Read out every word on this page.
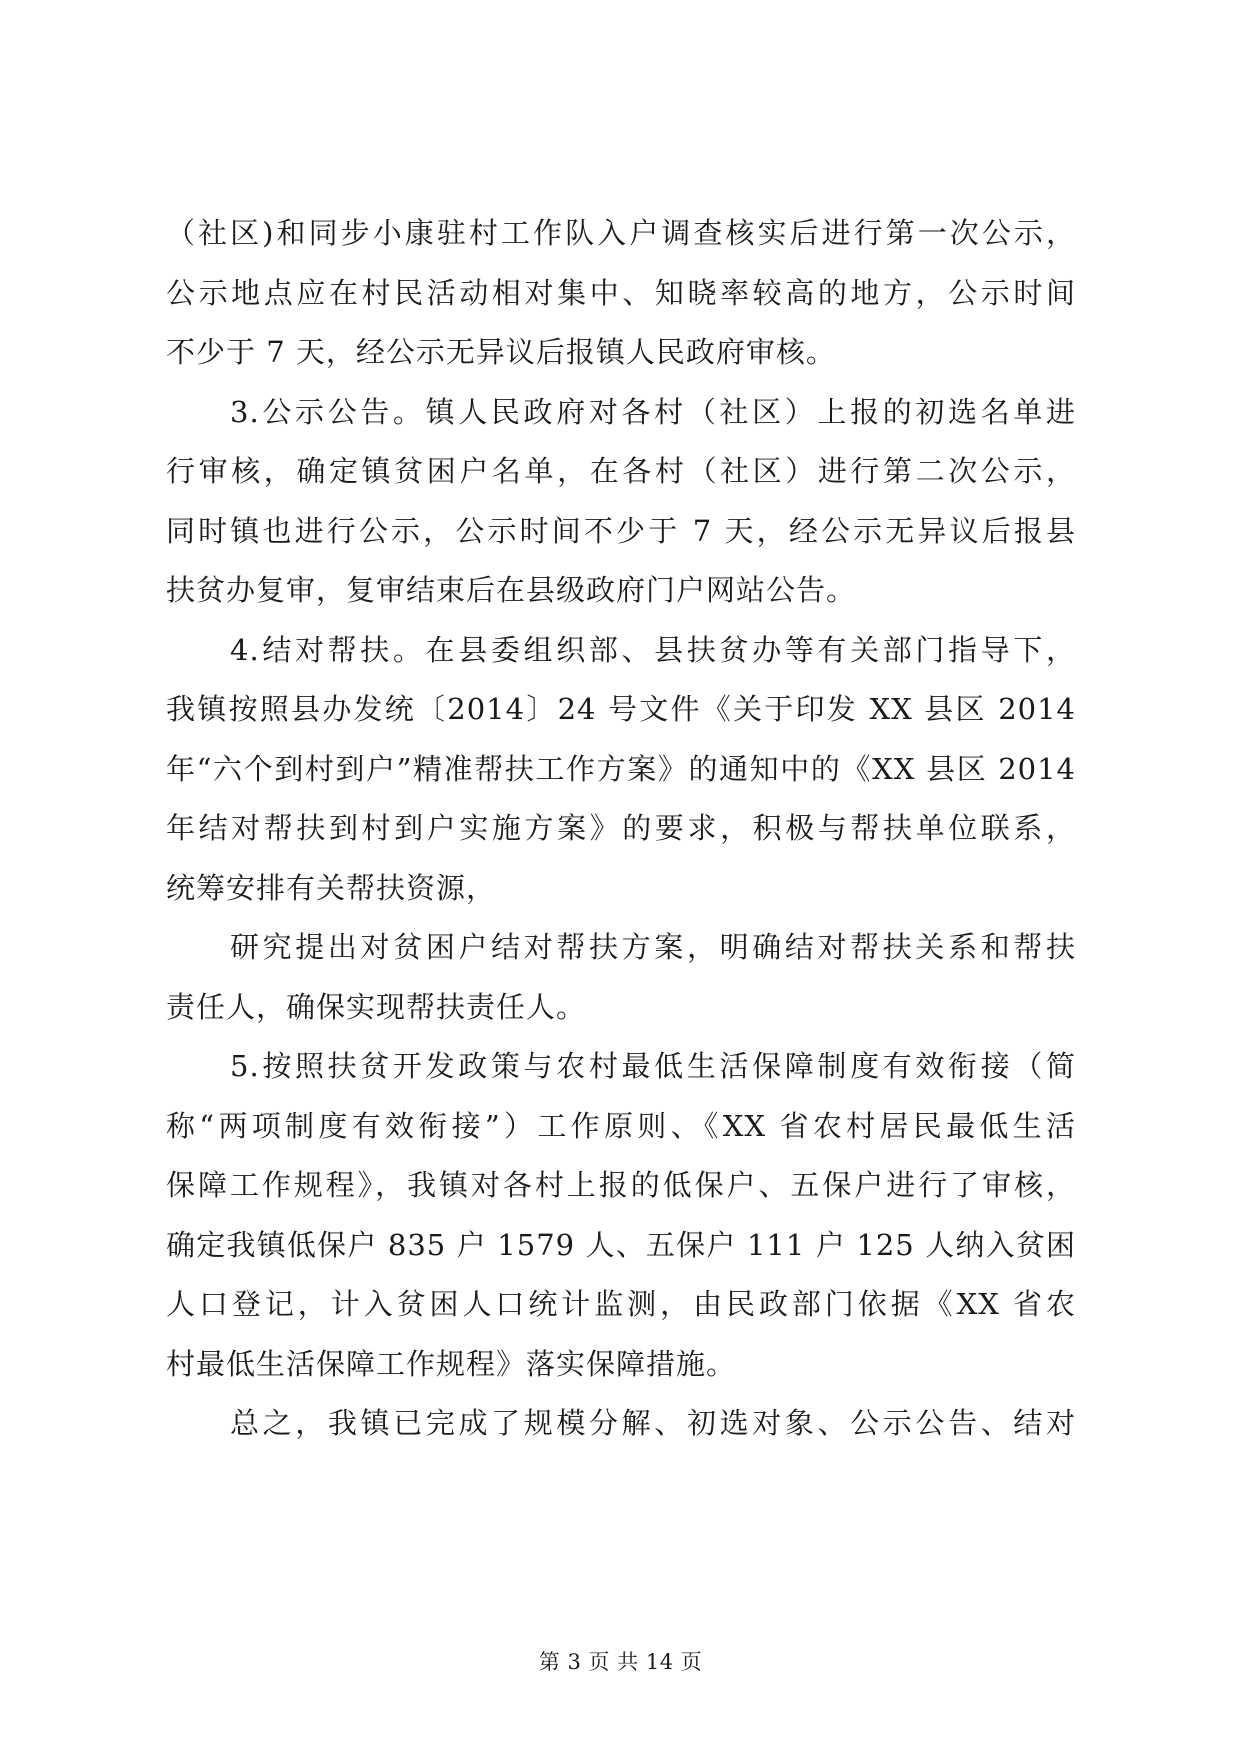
（社区)和同步小康驻村工作队入户调查核实后进行第一次公示，
公示地点应在村民活动相对集中、知晓率较高的地方，公示时间
不少于 7 天，经公示无异议后报镇人民政府审核。
3.公示公告。镇人民政府对各村（社区）上报的初选名单进
行审核，确定镇贫困户名单，在各村（社区）进行第二次公示，
同时镇也进行公示，公示时间不少于 7 天，经公示无异议后报县
扶贫办复审，复审结束后在县级政府门户网站公告。
4.结对帮扶。在县委组织部、县扶贫办等有关部门指导下，
我镇按照县办发统〔2014〕24 号文件《关于印发 XX 县区 2014
年“六个到村到户”精准帮扶工作方案》的通知中的《XX 县区 2014
年结对帮扶到村到户实施方案》的要求，积极与帮扶单位联系，
统筹安排有关帮扶资源，
研究提出对贫困户结对帮扶方案，明确结对帮扶关系和帮扶
责任人，确保实现帮扶责任人。
5.按照扶贫开发政策与农村最低生活保障制度有效衔接（简
称“两项制度有效衔接”）工作原则、《XX 省农村居民最低生活
保障工作规程》，我镇对各村上报的低保户、五保户进行了审核，
确定我镇低保户 835 户 1579 人、五保户 111 户 125 人纳入贫困
人口登记，计入贫困人口统计监测，由民政部门依据《XX 省农
村最低生活保障工作规程》落实保障措施。
总之，我镇已完成了规模分解、初选对象、公示公告、结对
第 3 页 共 14 页
